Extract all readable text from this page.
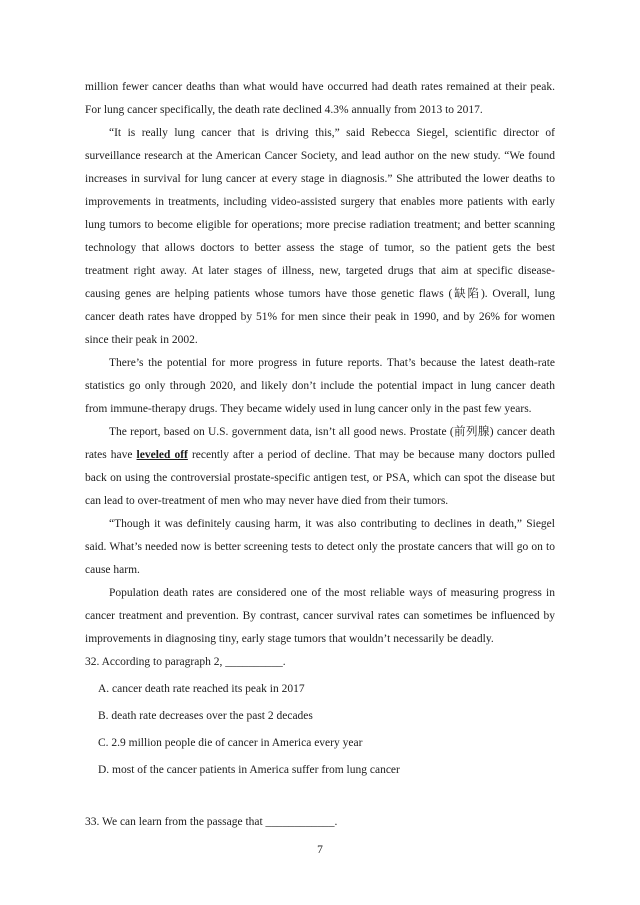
million fewer cancer deaths than what would have occurred had death rates remained at their peak. For lung cancer specifically, the death rate declined 4.3% annually from 2013 to 2017.

“It is really lung cancer that is driving this,” said Rebecca Siegel, scientific director of surveillance research at the American Cancer Society, and lead author on the new study. “We found increases in survival for lung cancer at every stage in diagnosis.” She attributed the lower deaths to improvements in treatments, including video-assisted surgery that enables more patients with early lung tumors to become eligible for operations; more precise radiation treatment; and better scanning technology that allows doctors to better assess the stage of tumor, so the patient gets the best treatment right away. At later stages of illness, new, targeted drugs that aim at specific disease-causing genes are helping patients whose tumors have those genetic flaws (缺陷). Overall, lung cancer death rates have dropped by 51% for men since their peak in 1990, and by 26% for women since their peak in 2002.

There’s the potential for more progress in future reports. That’s because the latest death-rate statistics go only through 2020, and likely don’t include the potential impact in lung cancer death from immune-therapy drugs. They became widely used in lung cancer only in the past few years.

The report, based on U.S. government data, isn’t all good news. Prostate (前列腺) cancer death rates have leveled off recently after a period of decline. That may be because many doctors pulled back on using the controversial prostate-specific antigen test, or PSA, which can spot the disease but can lead to over-treatment of men who may never have died from their tumors.

“Though it was definitely causing harm, it was also contributing to declines in death,” Siegel said. What’s needed now is better screening tests to detect only the prostate cancers that will go on to cause harm.

Population death rates are considered one of the most reliable ways of measuring progress in cancer treatment and prevention. By contrast, cancer survival rates can sometimes be influenced by improvements in diagnosing tiny, early stage tumors that wouldn’t necessarily be deadly.

32. According to paragraph 2, __________.

A. cancer death rate reached its peak in 2017

B. death rate decreases over the past 2 decades

C. 2.9 million people die of cancer in America every year

D. most of the cancer patients in America suffer from lung cancer

33. We can learn from the passage that ____________.

7
